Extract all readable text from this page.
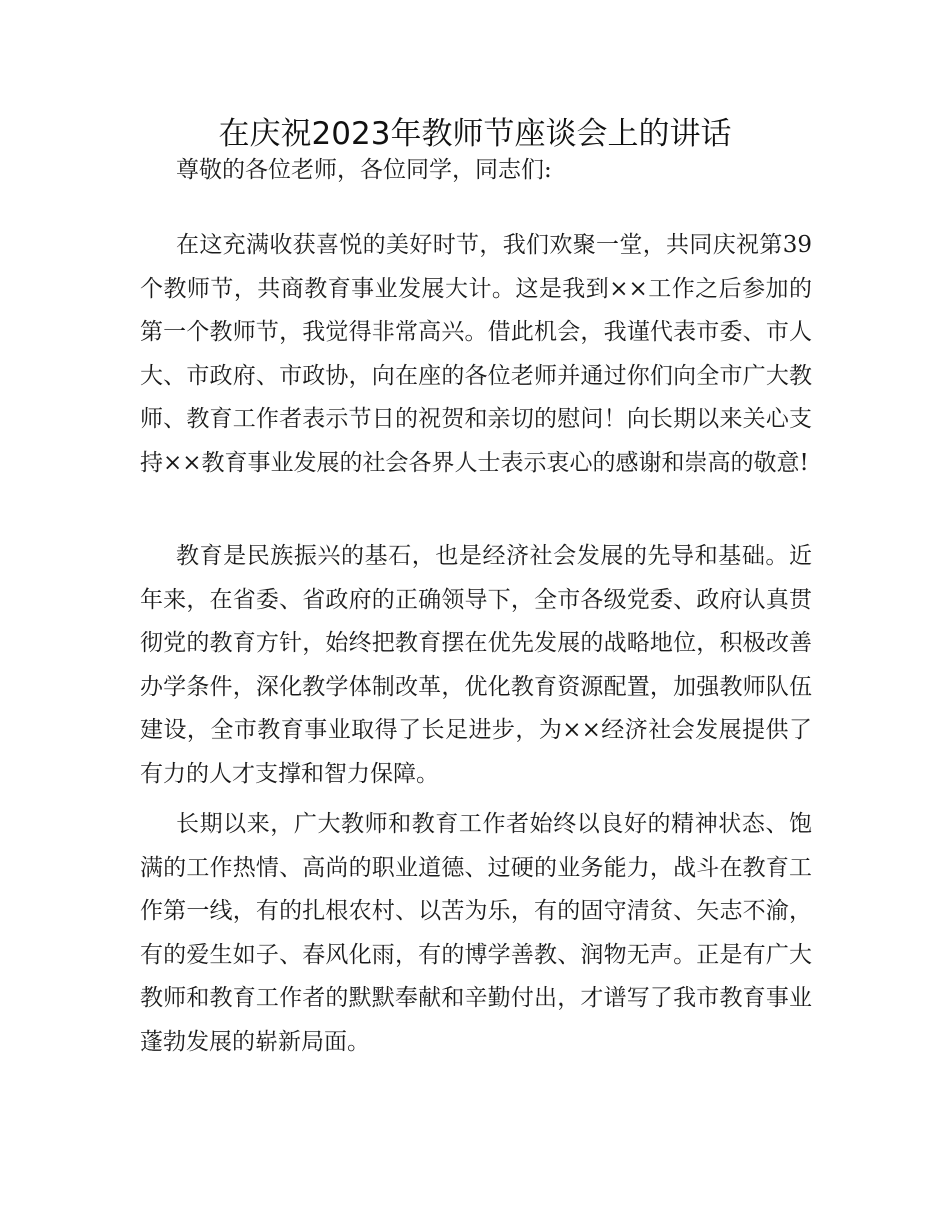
在庆祝2023年教师节座谈会上的讲话

尊敬的各位老师，各位同学，同志们:

在这充满收获喜悦的美好时节，我们欢聚一堂，共同庆祝第39个教师节，共商教育事业发展大计。这是我到××工作之后参加的第一个教师节，我觉得非常高兴。借此机会，我谨代表市委、市人大、市政府、市政协，向在座的各位老师并通过你们向全市广大教师、教育工作者表示节日的祝贺和亲切的慰问！向长期以来关心支持××教育事业发展的社会各界人士表示衷心的感谢和崇高的敬意!

教育是民族振兴的基石，也是经济社会发展的先导和基础。近年来，在省委、省政府的正确领导下，全市各级党委、政府认真贯彻党的教育方针，始终把教育摆在优先发展的战略地位，积极改善办学条件，深化教学体制改革，优化教育资源配置，加强教师队伍建设，全市教育事业取得了长足进步，为××经济社会发展提供了有力的人才支撑和智力保障。

长期以来，广大教师和教育工作者始终以良好的精神状态、饱满的工作热情、高尚的职业道德、过硬的业务能力，战斗在教育工作第一线，有的扎根农村、以苦为乐，有的固守清贫、矢志不渝，有的爱生如子、春风化雨，有的博学善教、润物无声。正是有广大教师和教育工作者的默默奉献和辛勤付出，才谱写了我市教育事业蓬勃发展的崭新局面。
